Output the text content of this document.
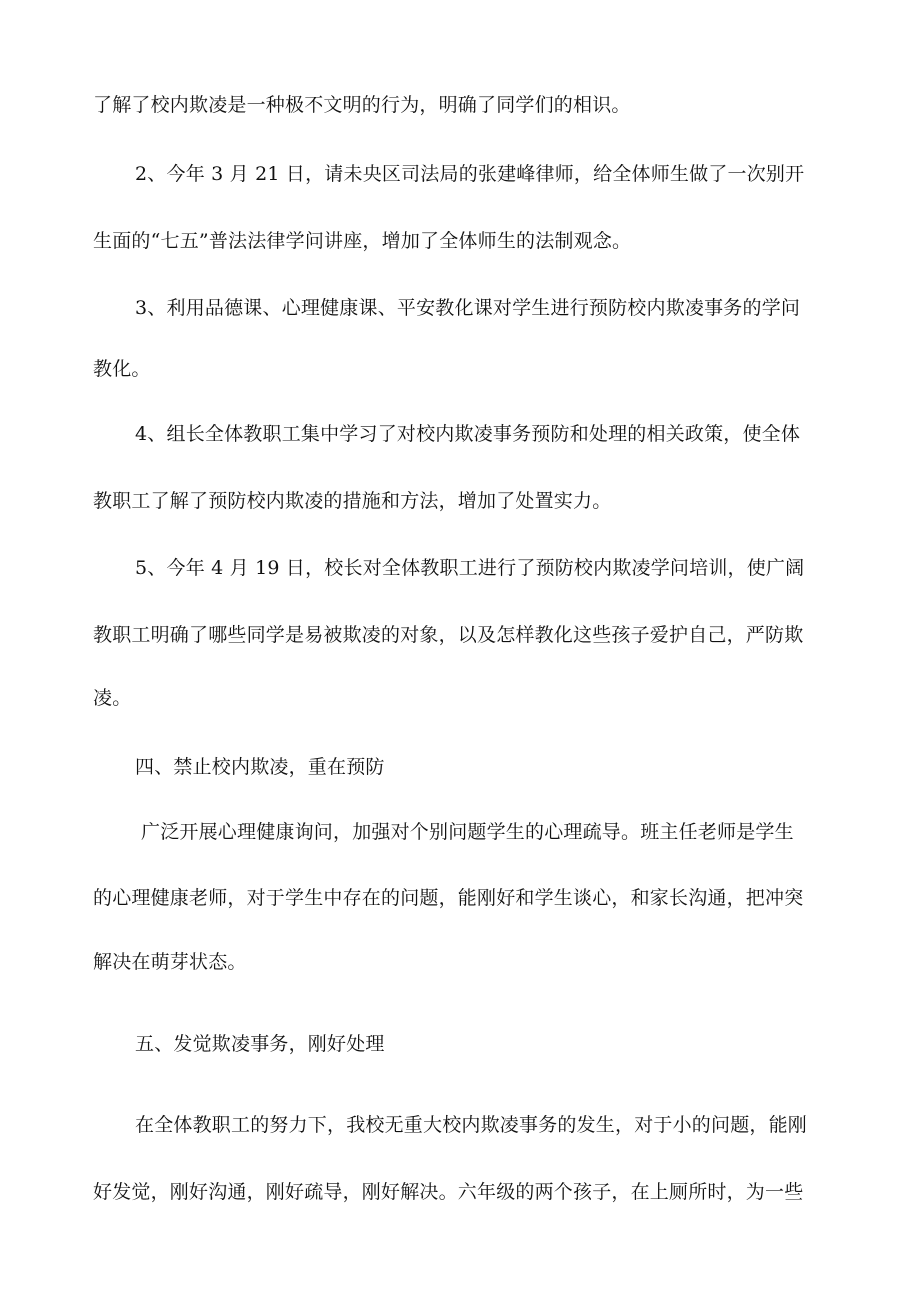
了解了校内欺凌是一种极不文明的行为，明确了同学们的相识。
2、今年 3 月 21 日，请未央区司法局的张建峰律师，给全体师生做了一次别开
生面的“七五”普法法律学问讲座，增加了全体师生的法制观念。
3、利用品德课、心理健康课、平安教化课对学生进行预防校内欺凌事务的学问
教化。
4、组长全体教职工集中学习了对校内欺凌事务预防和处理的相关政策，使全体
教职工了解了预防校内欺凌的措施和方法，增加了处置实力。
5、今年 4 月 19 日，校长对全体教职工进行了预防校内欺凌学问培训，使广阔
教职工明确了哪些同学是易被欺凌的对象，以及怎样教化这些孩子爱护自己，严防欺
凌。
四、禁止校内欺凌，重在预防
广泛开展心理健康询问，加强对个别问题学生的心理疏导。班主任老师是学生
的心理健康老师，对于学生中存在的问题，能刚好和学生谈心，和家长沟通，把冲突
解决在萌芽状态。
五、发觉欺凌事务，刚好处理
在全体教职工的努力下，我校无重大校内欺凌事务的发生，对于小的问题，能刚
好发觉，刚好沟通，刚好疏导，刚好解决。六年级的两个孩子，在上厕所时，为一些
